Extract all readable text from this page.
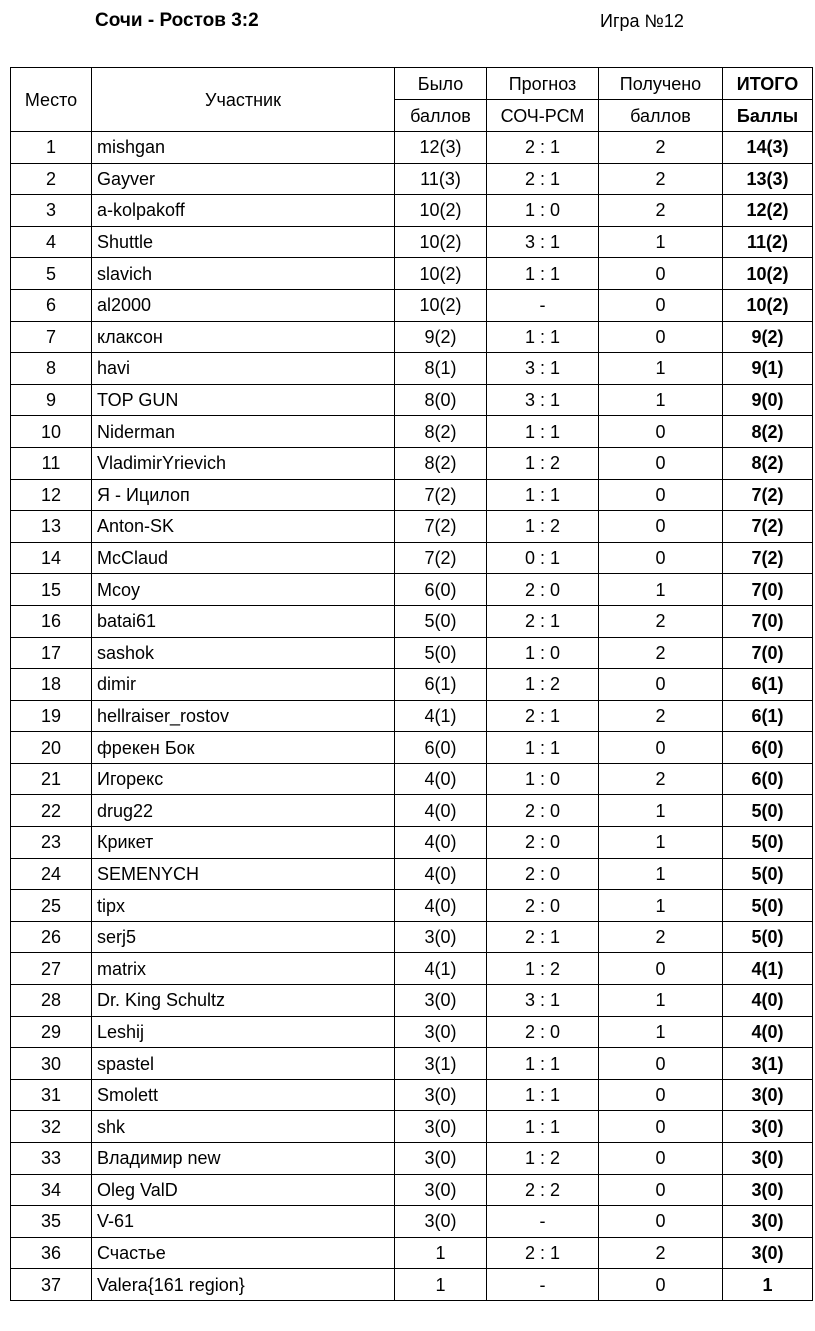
Сочи - Ростов 3:2	Игра №12
Место	Участник	Было	Прогноз	Получено	ИТОГО
		баллов	СОЧ-РСМ	баллов	Баллы
1	mishgan	12(3)	2 : 1	2	14(3)
2	Gayver	11(3)	2 : 1	2	13(3)
3	a-kolpakoff	10(2)	1 : 0	2	12(2)
4	Shuttle	10(2)	3 : 1	1	11(2)
5	slavich	10(2)	1 : 1	0	10(2)
6	al2000	10(2)	-	0	10(2)
7	клаксон	9(2)	1 : 1	0	9(2)
8	havi	8(1)	3 : 1	1	9(1)
9	TOP GUN	8(0)	3 : 1	1	9(0)
10	Niderman	8(2)	1 : 1	0	8(2)
11	VladimirYrievich	8(2)	1 : 2	0	8(2)
12	Я - Ицилоп	7(2)	1 : 1	0	7(2)
13	Anton-SK	7(2)	1 : 2	0	7(2)
14	McClaud	7(2)	0 : 1	0	7(2)
15	Mcoy	6(0)	2 : 0	1	7(0)
16	batai61	5(0)	2 : 1	2	7(0)
17	sashok	5(0)	1 : 0	2	7(0)
18	dimir	6(1)	1 : 2	0	6(1)
19	hellraiser_rostov	4(1)	2 : 1	2	6(1)
20	фрекен Бок	6(0)	1 : 1	0	6(0)
21	Игорекс	4(0)	1 : 0	2	6(0)
22	drug22	4(0)	2 : 0	1	5(0)
23	Крикет	4(0)	2 : 0	1	5(0)
24	SEMENYCH	4(0)	2 : 0	1	5(0)
25	tipx	4(0)	2 : 0	1	5(0)
26	serj5	3(0)	2 : 1	2	5(0)
27	matrix	4(1)	1 : 2	0	4(1)
28	Dr. King Schultz	3(0)	3 : 1	1	4(0)
29	Leshij	3(0)	2 : 0	1	4(0)
30	spastel	3(1)	1 : 1	0	3(1)
31	Smolett	3(0)	1 : 1	0	3(0)
32	shk	3(0)	1 : 1	0	3(0)
33	Владимир new	3(0)	1 : 2	0	3(0)
34	Oleg ValD	3(0)	2 : 2	0	3(0)
35	V-61	3(0)	-	0	3(0)
36	Счастье	1	2 : 1	2	3(0)
37	Valera{161 region}	1	-	0	1
